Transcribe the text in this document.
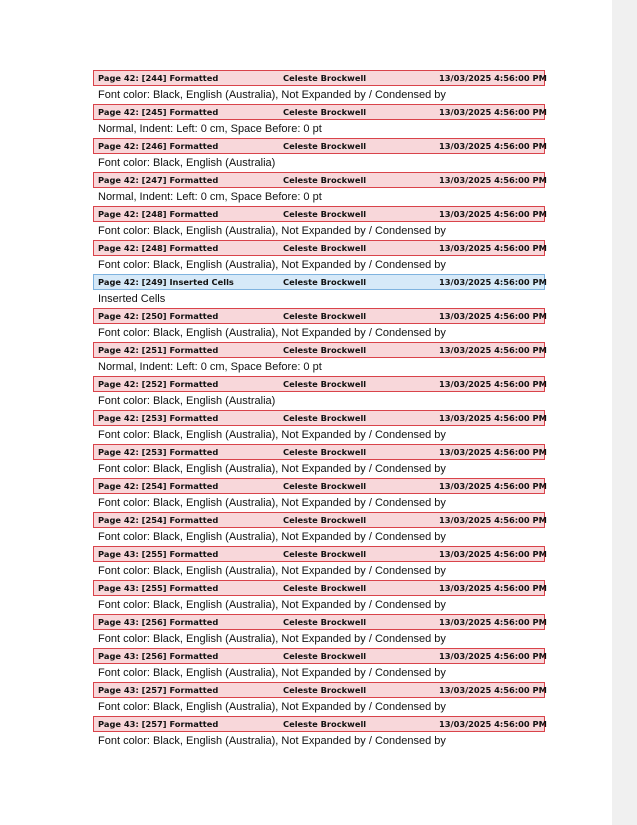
Page 42: [244] Formatted	Celeste Brockwell	13/03/2025 4:56:00 PM
Font color: Black, English (Australia), Not Expanded by / Condensed by
Page 42: [245] Formatted	Celeste Brockwell	13/03/2025 4:56:00 PM
Normal, Indent: Left: 0 cm, Space Before: 0 pt
Page 42: [246] Formatted	Celeste Brockwell	13/03/2025 4:56:00 PM
Font color: Black, English (Australia)
Page 42: [247] Formatted	Celeste Brockwell	13/03/2025 4:56:00 PM
Normal, Indent: Left: 0 cm, Space Before: 0 pt
Page 42: [248] Formatted	Celeste Brockwell	13/03/2025 4:56:00 PM
Font color: Black, English (Australia), Not Expanded by / Condensed by
Page 42: [248] Formatted	Celeste Brockwell	13/03/2025 4:56:00 PM
Font color: Black, English (Australia), Not Expanded by / Condensed by
Page 42: [249] Inserted Cells	Celeste Brockwell	13/03/2025 4:56:00 PM
Inserted Cells
Page 42: [250] Formatted	Celeste Brockwell	13/03/2025 4:56:00 PM
Font color: Black, English (Australia), Not Expanded by / Condensed by
Page 42: [251] Formatted	Celeste Brockwell	13/03/2025 4:56:00 PM
Normal, Indent: Left: 0 cm, Space Before: 0 pt
Page 42: [252] Formatted	Celeste Brockwell	13/03/2025 4:56:00 PM
Font color: Black, English (Australia)
Page 42: [253] Formatted	Celeste Brockwell	13/03/2025 4:56:00 PM
Font color: Black, English (Australia), Not Expanded by / Condensed by
Page 42: [253] Formatted	Celeste Brockwell	13/03/2025 4:56:00 PM
Font color: Black, English (Australia), Not Expanded by / Condensed by
Page 42: [254] Formatted	Celeste Brockwell	13/03/2025 4:56:00 PM
Font color: Black, English (Australia), Not Expanded by / Condensed by
Page 42: [254] Formatted	Celeste Brockwell	13/03/2025 4:56:00 PM
Font color: Black, English (Australia), Not Expanded by / Condensed by
Page 43: [255] Formatted	Celeste Brockwell	13/03/2025 4:56:00 PM
Font color: Black, English (Australia), Not Expanded by / Condensed by
Page 43: [255] Formatted	Celeste Brockwell	13/03/2025 4:56:00 PM
Font color: Black, English (Australia), Not Expanded by / Condensed by
Page 43: [256] Formatted	Celeste Brockwell	13/03/2025 4:56:00 PM
Font color: Black, English (Australia), Not Expanded by / Condensed by
Page 43: [256] Formatted	Celeste Brockwell	13/03/2025 4:56:00 PM
Font color: Black, English (Australia), Not Expanded by / Condensed by
Page 43: [257] Formatted	Celeste Brockwell	13/03/2025 4:56:00 PM
Font color: Black, English (Australia), Not Expanded by / Condensed by
Page 43: [257] Formatted	Celeste Brockwell	13/03/2025 4:56:00 PM
Font color: Black, English (Australia), Not Expanded by / Condensed by
